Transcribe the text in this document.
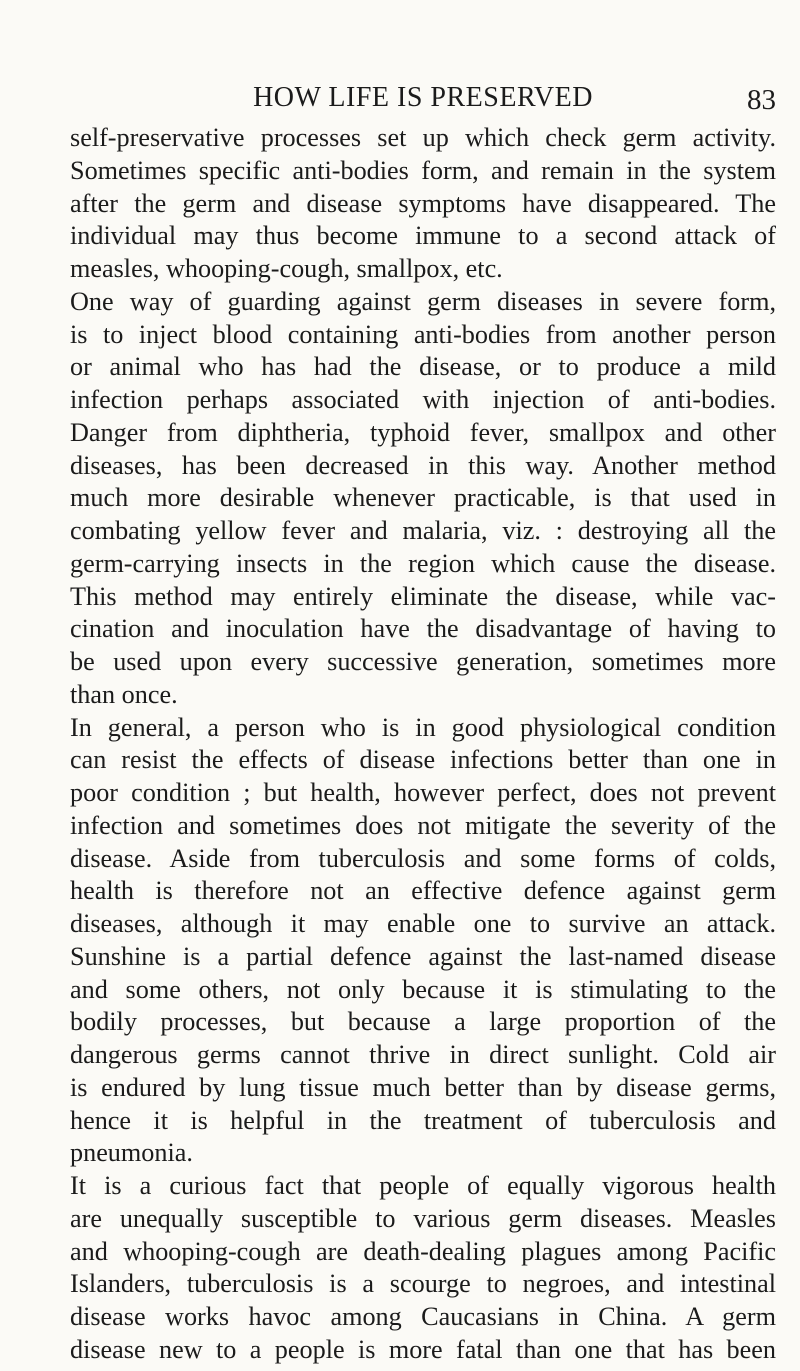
HOW LIFE IS PRESERVED	83
self-preservative processes set up which check germ activity.
Sometimes specific anti-bodies form, and remain in the system
after the germ and disease symptoms have disappeared. The
individual may thus become immune to a second attack of
measles, whooping-cough, smallpox, etc.
One way of guarding against germ diseases in severe form,
is to inject blood containing anti-bodies from another person
or animal who has had the disease, or to produce a mild
infection perhaps associated with injection of anti-bodies.
Danger from diphtheria, typhoid fever, smallpox and other
diseases, has been decreased in this way. Another method
much more desirable whenever practicable, is that used in
combating yellow fever and malaria, viz. : destroying all the
germ-carrying insects in the region which cause the disease.
This method may entirely eliminate the disease, while vac-
cination and inoculation have the disadvantage of having to
be used upon every successive generation, sometimes more
than once.
In general, a person who is in good physiological condition
can resist the effects of disease infections better than one in
poor condition ; but health, however perfect, does not prevent
infection and sometimes does not mitigate the severity of the
disease. Aside from tuberculosis and some forms of colds,
health is therefore not an effective defence against germ
diseases, although it may enable one to survive an attack.
Sunshine is a partial defence against the last-named disease
and some others, not only because it is stimulating to the
bodily processes, but because a large proportion of the
dangerous germs cannot thrive in direct sunlight. Cold air
is endured by lung tissue much better than by disease germs,
hence it is helpful in the treatment of tuberculosis and
pneumonia.
It is a curious fact that people of equally vigorous health
are unequally susceptible to various germ diseases. Measles
and whooping-cough are death-dealing plagues among Pacific
Islanders, tuberculosis is a scourge to negroes, and intestinal
disease works havoc among Caucasians in China. A germ
disease new to a people is more fatal than one that has been
